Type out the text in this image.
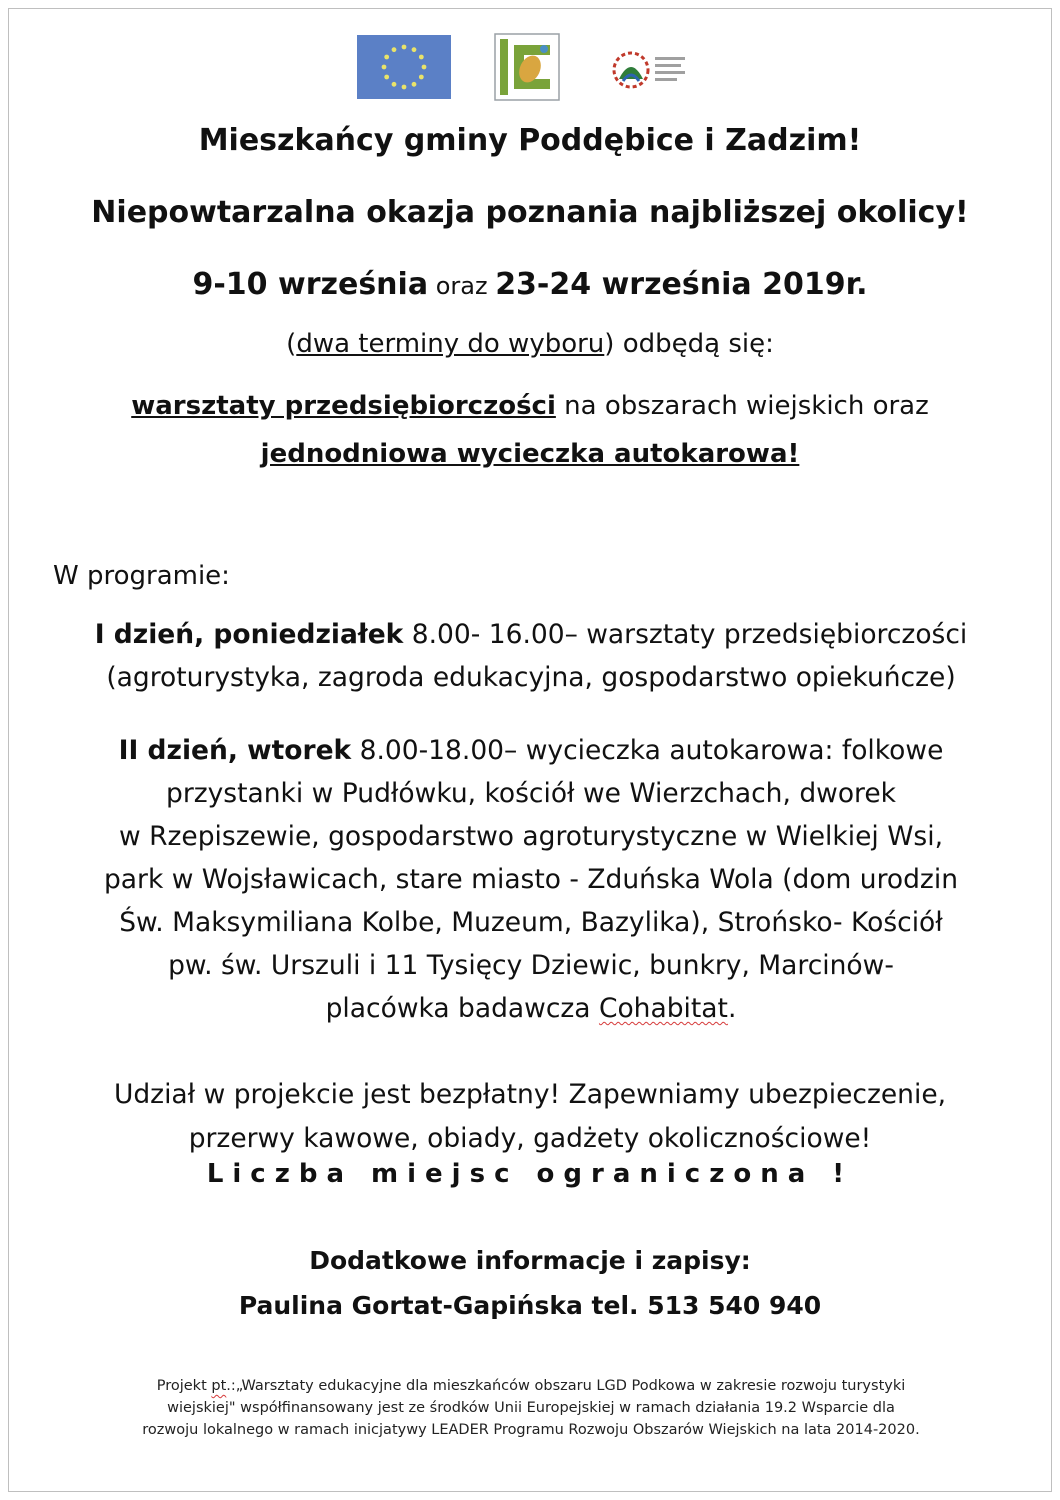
Mieszkańcy gminy Poddębice i Zadzim!
Niepowtarzalna okazja poznania najbliższej okolicy!
9-10 września oraz 23-24 września 2019r.
(dwa terminy do wyboru) odbędą się:
warsztaty przedsiębiorczości na obszarach wiejskich oraz
jednodniowa wycieczka autokarowa!
W programie:
I dzień, poniedziałek 8.00- 16.00– warsztaty przedsiębiorczości
(agroturystyka, zagroda edukacyjna, gospodarstwo opiekuńcze)
II dzień, wtorek 8.00-18.00– wycieczka autokarowa: folkowe
przystanki w Pudłówku, kościół we Wierzchach, dworek
w Rzepiszewie, gospodarstwo agroturystyczne w Wielkiej Wsi,
park w Wojsławicach, stare miasto - Zduńska Wola (dom urodzin
Św. Maksymiliana Kolbe, Muzeum, Bazylika), Strońsko- Kościół
pw. św. Urszuli i 11 Tysięcy Dziewic, bunkry, Marcinów-
placówka badawcza Cohabitat.
Udział w projekcie jest bezpłatny! Zapewniamy ubezpieczenie,
przerwy kawowe, obiady, gadżety okolicznościowe!
Liczba miejsc ograniczona !
Dodatkowe informacje i zapisy:
Paulina Gortat-Gapińska tel. 513 540 940
Projekt pt.:„Warsztaty edukacyjne dla mieszkańców obszaru LGD Podkowa w zakresie rozwoju turystyki
wiejskiej" współfinansowany jest ze środków Unii Europejskiej w ramach działania 19.2 Wsparcie dla
rozwoju lokalnego w ramach inicjatywy LEADER Programu Rozwoju Obszarów Wiejskich na lata 2014-2020.
